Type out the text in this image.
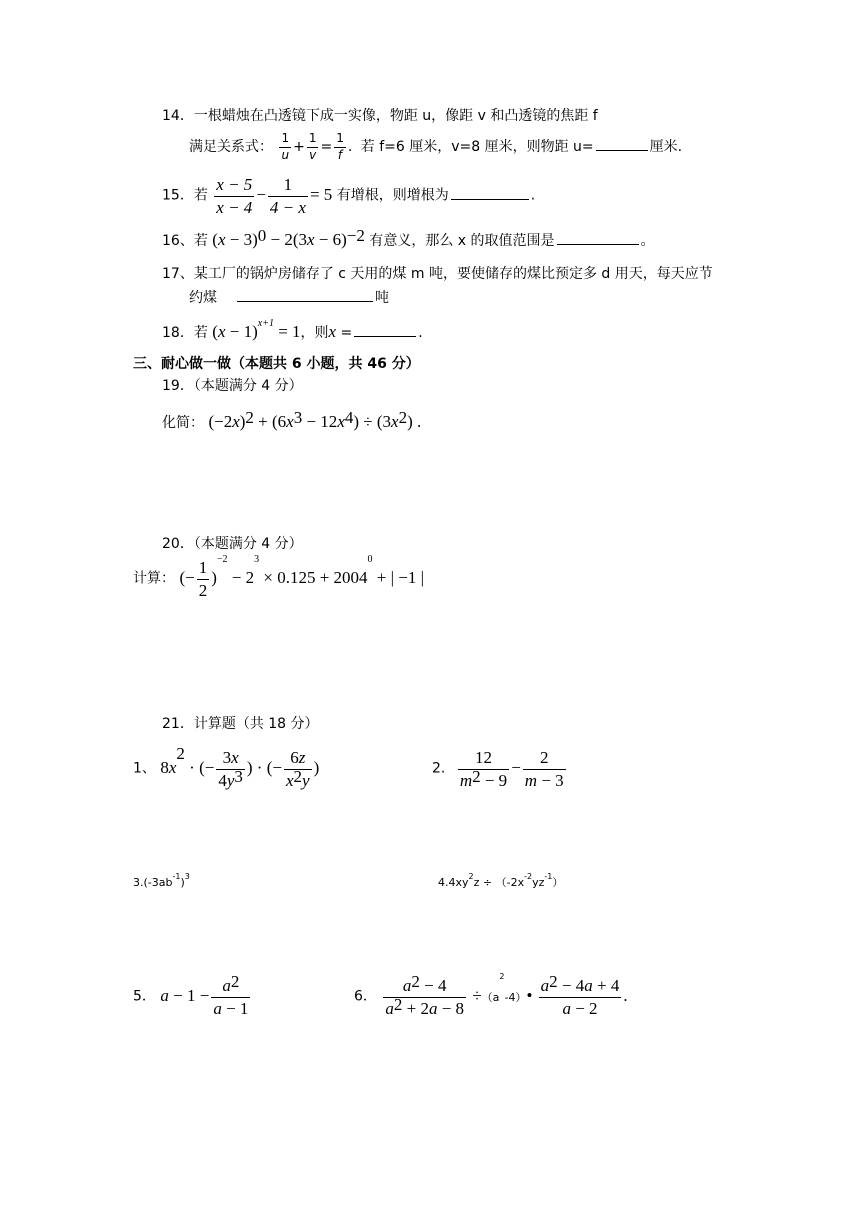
14．一根蜡烛在凸透镜下成一实像，物距 u，像距 v 和凸透镜的焦距 f
满足关系式： $\frac{1}{u} + \frac{1}{v} = \frac{1}{f}$ . 若 f=6 厘米，v=8 厘米，则物距 u=	厘米.
15．若 $\frac{x - 5}{x - 4} - \frac{1}{4 - x} = 5$ 有增根，则增根为	.
16、若 $(x - 3)^0 - 2(3x - 6)^{-2}$ 有意义，那么 x 的取值范围是	。
17、某工厂的锅炉房储存了 c 天用的煤 m 吨，要使储存的煤比预定多 d 用天，每天应节
约煤	吨
18．若 $(x - 1)^{x+1} = 1$，则x =	.
三、耐心做一做（本题共 6 小题，共 46 分）
19．（本题满分 4 分）
化简： $(-2x)^2 + (6x^3 - 12x^4) \div (3x^2)$ .
20．（本题满分 4 分）
计算： (− $\frac{1}{2} )^{-2} - 2^3 \times 0.125 + 2004^0$ + | −1 |
21．计算题（共 18 分）
1、 $8x^2$ · (− $\frac{3x}{4y^3}$ ) · (− $\frac{6z}{x^2y}$ )	2. $\frac{12}{m^2 - 9} - \frac{2}{m - 3}$
$3.(-3ab^{-1})^3$	$4.4xy^2z \div (-2x^{-2}yz^{-1})$
5． $a - 1 - \frac{a^2}{a - 1}$	6． $\frac{a^2 - 4}{a^2 + 2a - 8}$ $\div(a^2-4)• \frac{a^2 - 4a + 4}{a - 2}$ .
